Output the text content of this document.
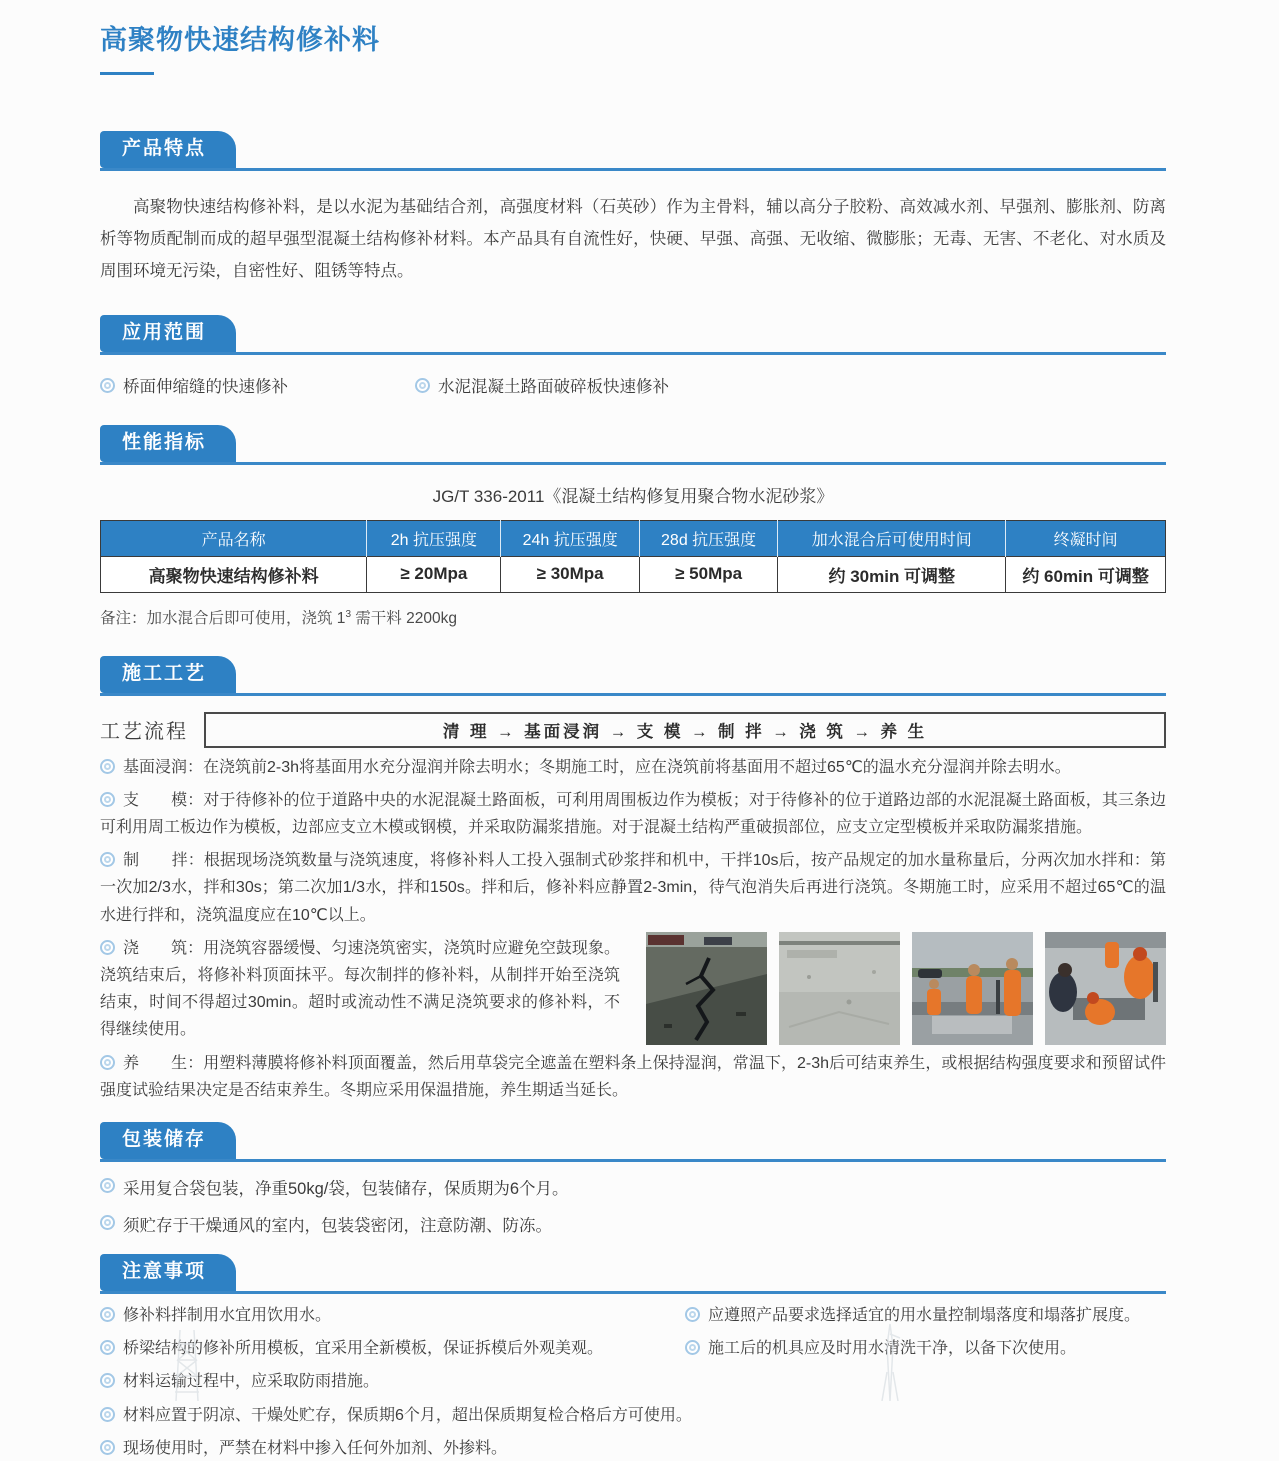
高聚物快速结构修补料
产品特点

高聚物快速结构修补料，是以水泥为基础结合剂，高强度材料（石英砂）作为主骨料，辅以高分子胶粉、高效减水剂、早强剂、膨胀剂、防离析等物质配制而成的超早强型混凝土结构修补材料。本产品具有自流性好，快硬、早强、高强、无收缩、微膨胀；无毒、无害、不老化、对水质及周围环境无污染，自密性好、阻锈等特点。

应用范围
桥面伸缩缝的快速修补	水泥混凝土路面破碎板快速修补
性能指标
JG/T 336-2011《混凝土结构修复用聚合物水泥砂浆》
产品名称	2h 抗压强度	24h 抗压强度	28d 抗压强度	加水混合后可使用时间	终凝时间
高聚物快速结构修补料	≥ 20Mpa	≥ 30Mpa	≥ 50Mpa	约 30min 可调整	约 60min 可调整
备注：加水混合后即可使用，浇筑 $1^3$ 需干料 2200kg
施工工艺
工艺流程	清 理 → 基面浸润 → 支 模 → 制 拌 → 浇 筑 → 养 生

基面浸润：在浇筑前2-3h将基面用水充分湿润并除去明水；冬期施工时，应在浇筑前将基面用不超过65℃的温水充分湿润并除去明水。

支　　模：对于待修补的位于道路中央的水泥混凝土路面板，可利用周围板边作为模板；对于待修补的位于道路边部的水泥混凝土路面板，其三条边可利用周工板边作为模板，边部应支立木模或钢模，并采取防漏浆措施。对于混凝土结构严重破损部位，应支立定型模板并采取防漏浆措施。

制　　拌：根据现场浇筑数量与浇筑速度，将修补料人工投入强制式砂浆拌和机中，干拌10s后，按产品规定的加水量称量后，分两次加水拌和：第一次加2/3水，拌和30s；第二次加1/3水，拌和150s。拌和后，修补料应静置2-3min，待气泡消失后再进行浇筑。冬期施工时，应采用不超过65℃的温水进行拌和，浇筑温度应在10℃以上。

浇　　筑：用浇筑容器缓慢、匀速浇筑密实，浇筑时应避免空鼓现象。浇筑结束后，将修补料顶面抹平。每次制拌的修补料，从制拌开始至浇筑结束，时间不得超过30min。超时或流动性不满足浇筑要求的修补料，不得继续使用。

养　　生：用塑料薄膜将修补料顶面覆盖，然后用草袋完全遮盖在塑料条上保持湿润，常温下，2-3h后可结束养生，或根据结构强度要求和预留试件强度试验结果决定是否结束养生。冬期应采用保温措施，养生期适当延长。

包装储存
采用复合袋包装，净重50kg/袋，包装储存，保质期为6个月。
须贮存于干燥通风的室内，包装袋密闭，注意防潮、防冻。
注意事项
修补料拌制用水宜用饮用水。	应遵照产品要求选择适宜的用水量控制塌落度和塌落扩展度。
桥梁结构的修补所用模板，宜采用全新模板，保证拆模后外观美观。	施工后的机具应及时用水清洗干净，以备下次使用。
材料运输过程中，应采取防雨措施。
材料应置于阴凉、干燥处贮存，保质期6个月，超出保质期复检合格后方可使用。
现场使用时，严禁在材料中掺入任何外加剂、外掺料。
